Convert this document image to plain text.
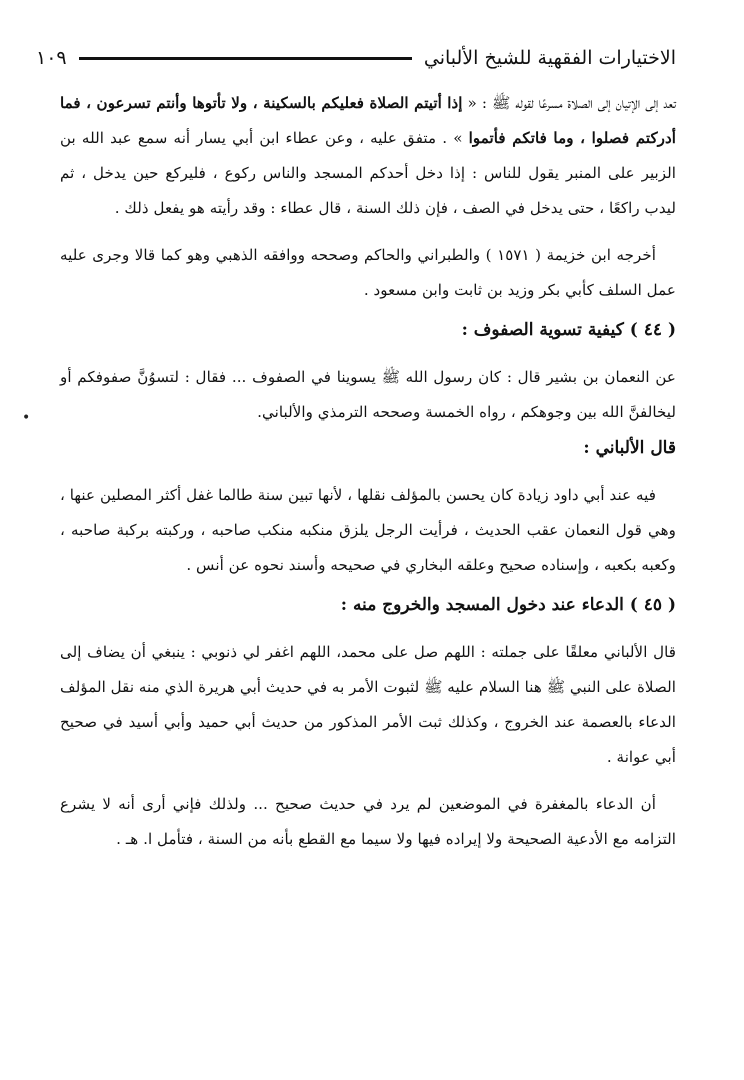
الاختيارات الفقهية للشيخ الألباني
١٠٩

تعد إلى الإتيان إلى الصلاة مسرعًا لقوله ﷺ : « إذا أتيتم الصلاة فعليكم بالسكينة ، ولا تأتوها وأنتم تسرعون ، فما أدركتم فصلوا ، وما فاتكم فأتموا » . متفق عليه ، وعن عطاء ابن أبي يسار أنه سمع عبد الله بن الزبير على المنبر يقول للناس : إذا دخل أحدكم المسجد والناس ركوع ، فليركع حين يدخل ، ثم ليدب راكعًا ، حتى يدخل في الصف ، فإن ذلك السنة ، قال عطاء : وقد رأيته هو يفعل ذلك .

أخرجه ابن خزيمة ( ١٥٧١ ) والطبراني والحاكم وصححه ووافقه الذهبي وهو كما قالا وجرى عليه عمل السلف كأبي بكر وزيد بن ثابت وابن مسعود .

( ٤٤ ) كيفية تسوية الصفوف :

عن النعمان بن بشير قال : كان رسول الله ﷺ يسوينا في الصفوف ... فقال : لتسوُنَّ صفوفكم أو ليخالفنَّ الله بين وجوهكم ، رواه الخمسة وصححه الترمذي والألباني.

قال الألباني :

فيه عند أبي داود زيادة كان يحسن بالمؤلف نقلها ، لأنها تبين سنة طالما غفل أكثر المصلين عنها ، وهي قول النعمان عقب الحديث ، فرأيت الرجل يلزق منكبه منكب صاحبه ، وركبته بركبة صاحبه ، وكعبه بكعبه ، وإسناده صحيح وعلقه البخاري في صحيحه وأسند نحوه عن أنس .

( ٤٥ ) الدعاء عند دخول المسجد والخروج منه :

قال الألباني معلقًا على جملته : اللهم صل على محمد، اللهم اغفر لي ذنوبي : ينبغي أن يضاف إلى الصلاة على النبي ﷺ هنا السلام عليه ﷺ لثبوت الأمر به في حديث أبي هريرة الذي منه نقل المؤلف الدعاء بالعصمة عند الخروج ، وكذلك ثبت الأمر المذكور من حديث أبي حميد وأبي أسيد في صحيح أبي عوانة .

أن الدعاء بالمغفرة في الموضعين لم يرد في حديث صحيح ... ولذلك فإني أرى أنه لا يشرع التزامه مع الأدعية الصحيحة ولا إيراده فيها ولا سيما مع القطع بأنه من السنة ، فتأمل ا. هـ .

•
